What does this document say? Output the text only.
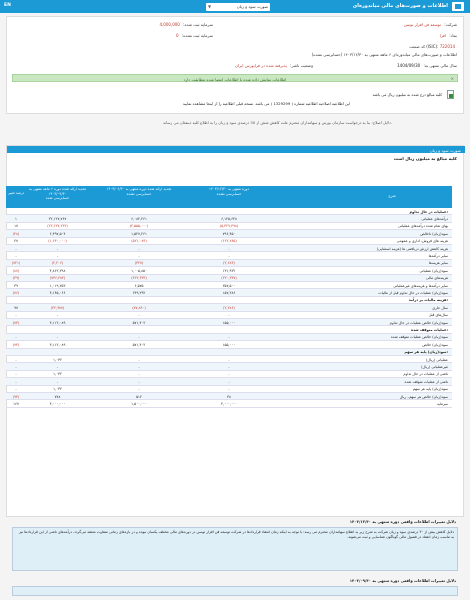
EN	▼	صورت سود و زیان	اطلاعات و صورت‌های مالی میاندوره‌ای
شرکت: توسعه فن افزار توسن
نماد: افرا
کد صنعت (ISIC): 722014
اطلاعات و صورت‌های مالی میاندوره‌ای ۶ ماهه منتهی به ۱۴۰۳/۱۲/۳۰ (حسابرسی نشده)
سال مالی منتهی به: 1404/09/30
وضعیت ناشر: پذیرفته شده در فرابورس ایران
سرمایه ثبت شده: 4,000,000
سرمایه ثبت نشده: 0
اطلاعات نمایش داده شده با اطلاعات امضا شده مطابقت دارد	×
کلیه مبالغ درج شده به میلیون ریال می باشد
این اطلاعیه اصلاحیه اطلاعیه شماره ( 1329299 ) می باشد. نسخه قبلی اطلاعیه را از اینجا مشاهده نمایید
دلایل اصلاح: بنا به درخواست سازمان بورس و سهامداران محترم علت کاهش شش از 30 درصدی سود و زیان را به اطلاع کلیه ذینفعان می رساند.
صورت سود و زیان
کلیه مبالغ به میلیون ریال است
درصد تغییر
تجدید ارائه شده دوره ۶ ماهه منتهی به ۱۴۰۳/۰۹/۳۰
حسابرسی شده
تجدید ارائه شده دوره منتهی به ۱۴۰۳/۰۶/۳۰
حسابرسی نشده
دوره منتهی به ۱۴۰۳/۱۲/۳۰
حسابرسی نشده
شرح
عملیات در حال تداوم:
۱	۲۲,۱۲۷,۷۶۷	۶,۰۸۲,۲۶۱	۶,۱۲۵,۶۴۸	درآمدهای عملیاتی
۱۷	(۲۲,۶۲۷,۲۶۳)	(۴,۵۵۵,۰۰۰)	(۵,۳۲۹,۳۹۸)	بهای تمام شده درآمدهای عملیاتی
(۴۸)	۶,۴۹۷,۵۰۴	۱,۵۲۷,۲۶۱	۷۹۶,۴۵۰	سود(زیان) ناخالص
۲۷	(۱,۶۳۰,۰۰۰)	(۵۲۱,۰۸۴)	(۶۶۲,۸۴۵)	هزینه های فروش، اداری و عمومی
-	-	-	-	هزینه کاهش ارزش دریافتنی ها (هزینه استثنایی)
-	-	-	-	سایر درآمدها
(۷۲۱)	(۲,۲۰۶)	(۳۲۷)	(۲,۶۸۳)	سایر هزینه‌ها
(۸۷)	۴,۸۶۲,۲۹۸	۱,۰۰۵,۸۵۰	۱۳۱,۹۲۲	سود(زیان) عملیاتی
(۳۹)	(۷۳۶,۴۸۴)	(۳۶۲,۴۳۳)	(۲۲۰,۲۳۷)	هزینه‌های مالی
۳۹	۱,۰۱۹,۲۵۲	۶,۵۷۵	۲۵۷,۵۰۰	سایر درآمدها و هزینه‌های غیرعملیاتی
(۷۶)	۳,۱۴۵,۰۶۶	۶۴۹,۲۹۲	۱۵۷,۲۸۶	سود(زیان) عملیات در حال تداوم قبل از مالیات
هزینه مالیات بر درآمد:
۹۷	(۳۲,۹۷۷)	(۷۷,۸۹۰)	(۲,۲۸۶)	سال جاری
-	-	-	-	سال‌های قبل
(۷۳)	۳,۱۱۲,۰۸۹	۵۷۱,۴۰۲	۱۵۵,۰۰۰	سود(زیان) خالص عملیات در حال تداوم
عملیات متوقف شده:
-	-	-	-	سود(زیان) خالص عملیات متوقف شده
(۷۳)	۳,۱۱۲,۰۸۹	۵۷۱,۴۰۲	۱۵۵,۰۰۰	سود(زیان) خالص
سود(زیان) پایه هر سهم:
-	۱,۰۳۲	-	-	عملیاتی (ریال)
-	-	-	-	غیرعملیاتی (ریال)
-	۱,۰۳۲	-	-	ناشی از عملیات در حال تداوم
-	-	-	-	ناشی از عملیات متوقف شده
-	۱,۰۳۲	-	-	سود(زیان) پایه هر سهم
(۹۳)	۷۷۸	۵۱۲	۳۸	سود(زیان) خالص هر سهم– ریال
۱۶۷	۴,۰۰۰,۰۰۰	۱,۵۰۰,۰۰۰	۴,۰۰۰,۰۰۰	سرمایه
دلایل تغییرات اطلاعات واقعی دوره منتهی به ۱۴۰۳/۱۲/۳۰
دلایل کاهش بیش از ۳۰ درصدی سود و زیان شرکت به شرح زیر به اطلاع سهامداران محترم می رسد: با توجه به اینکه زمان انعقاد قراردادها در شرکت توسعه فن افزار توسن در دوره‌های مالی مختلف یکسان نبوده و در بازه‌های زمانی متفاوت منعقد می‌گردد، درآمدهای ناشی از این قراردادها نیز به تناسب زمان انعقاد در فصول مالی گوناگون شناسایی و ثبت می‌شوند.
دلایل تغییرات اطلاعات واقعی دوره منتهی به ۱۴۰۳/۰۹/۳۰
